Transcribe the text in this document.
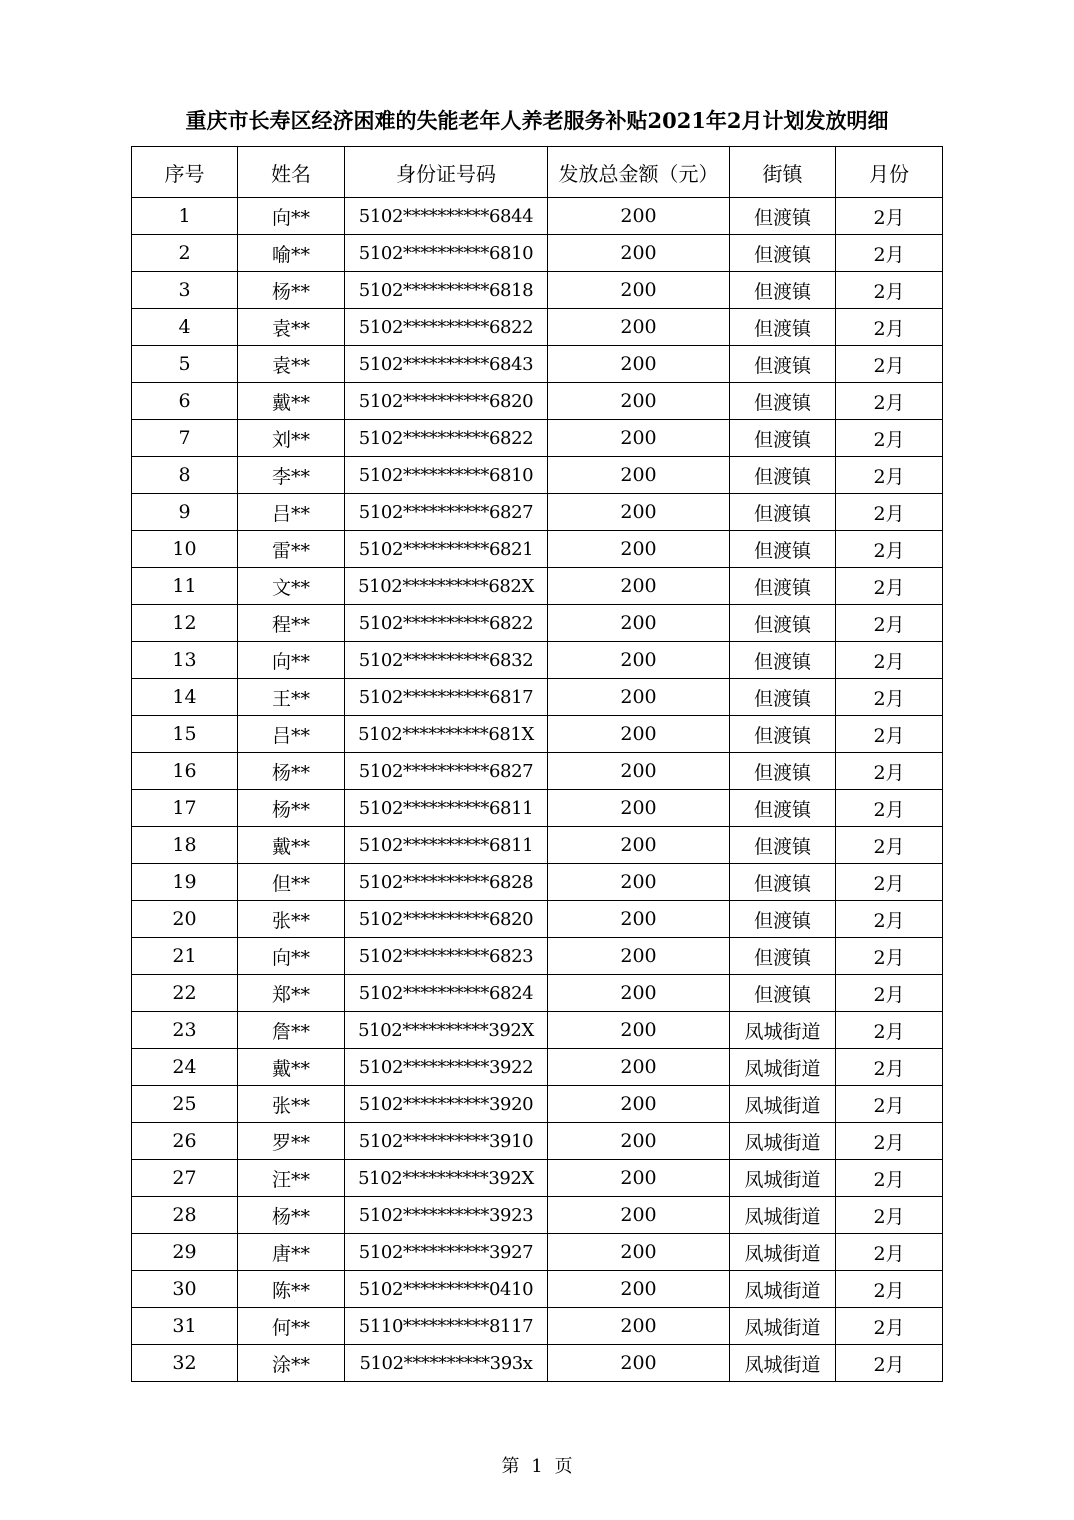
重庆市长寿区经济困难的失能老年人养老服务补贴2021年2月计划发放明细
序号	姓名	身份证号码	发放总金额（元）	街镇	月份
1	向**	5102**********6844	200	但渡镇	2月
2	喻**	5102**********6810	200	但渡镇	2月
3	杨**	5102**********6818	200	但渡镇	2月
4	袁**	5102**********6822	200	但渡镇	2月
5	袁**	5102**********6843	200	但渡镇	2月
6	戴**	5102**********6820	200	但渡镇	2月
7	刘**	5102**********6822	200	但渡镇	2月
8	李**	5102**********6810	200	但渡镇	2月
9	吕**	5102**********6827	200	但渡镇	2月
10	雷**	5102**********6821	200	但渡镇	2月
11	文**	5102**********682X	200	但渡镇	2月
12	程**	5102**********6822	200	但渡镇	2月
13	向**	5102**********6832	200	但渡镇	2月
14	王**	5102**********6817	200	但渡镇	2月
15	吕**	5102**********681X	200	但渡镇	2月
16	杨**	5102**********6827	200	但渡镇	2月
17	杨**	5102**********6811	200	但渡镇	2月
18	戴**	5102**********6811	200	但渡镇	2月
19	但**	5102**********6828	200	但渡镇	2月
20	张**	5102**********6820	200	但渡镇	2月
21	向**	5102**********6823	200	但渡镇	2月
22	郑**	5102**********6824	200	但渡镇	2月
23	詹**	5102**********392X	200	凤城街道	2月
24	戴**	5102**********3922	200	凤城街道	2月
25	张**	5102**********3920	200	凤城街道	2月
26	罗**	5102**********3910	200	凤城街道	2月
27	汪**	5102**********392X	200	凤城街道	2月
28	杨**	5102**********3923	200	凤城街道	2月
29	唐**	5102**********3927	200	凤城街道	2月
30	陈**	5102**********0410	200	凤城街道	2月
31	何**	5110**********8117	200	凤城街道	2月
32	涂**	5102**********393x	200	凤城街道	2月
第 1 页
